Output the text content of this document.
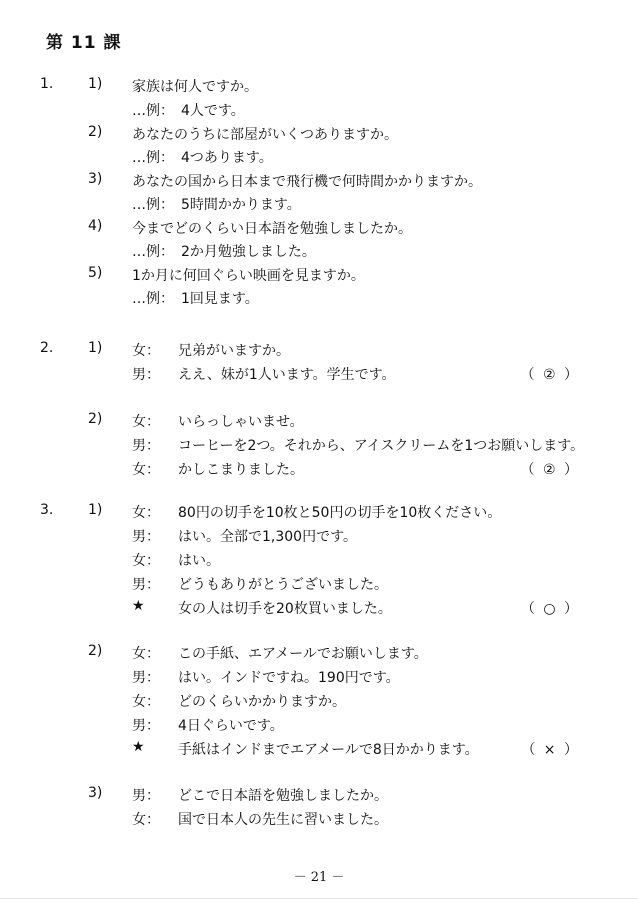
第 11 課
1. 1) 家族は何人ですか。
…例：　4人です。
2) あなたのうちに部屋がいくつありますか。
…例：　4つあります。
3) あなたの国から日本まで飛行機で何時間かかりますか。
…例：　5時間かかります。
4) 今までどのくらい日本語を勉強しましたか。
…例：　2か月勉強しました。
5) 1か月に何回ぐらい映画を見ますか。
…例：　1回見ます。
2. 1) 女： 兄弟がいますか。
男： ええ、妹が1人います。学生です。	（ ② ）
2) 女： いらっしゃいませ。
男： コーヒーを2つ。それから、アイスクリームを1つお願いします。
女： かしこまりました。	（ ② ）
3. 1) 女： 80円の切手を10枚と50円の切手を10枚ください。
男： はい。全部で1,300円です。
女： はい。
男： どうもありがとうございました。
★ 女の人は切手を20枚買いました。	（ ○ ）
2) 女： この手紙、エアメールでお願いします。
男： はい。インドですね。190円です。
女： どのくらいかかりますか。
男： 4日ぐらいです。
★ 手紙はインドまでエアメールで8日かかります。	（ × ）
3) 男： どこで日本語を勉強しましたか。
女： 国で日本人の先生に習いました。
－ 21 －
